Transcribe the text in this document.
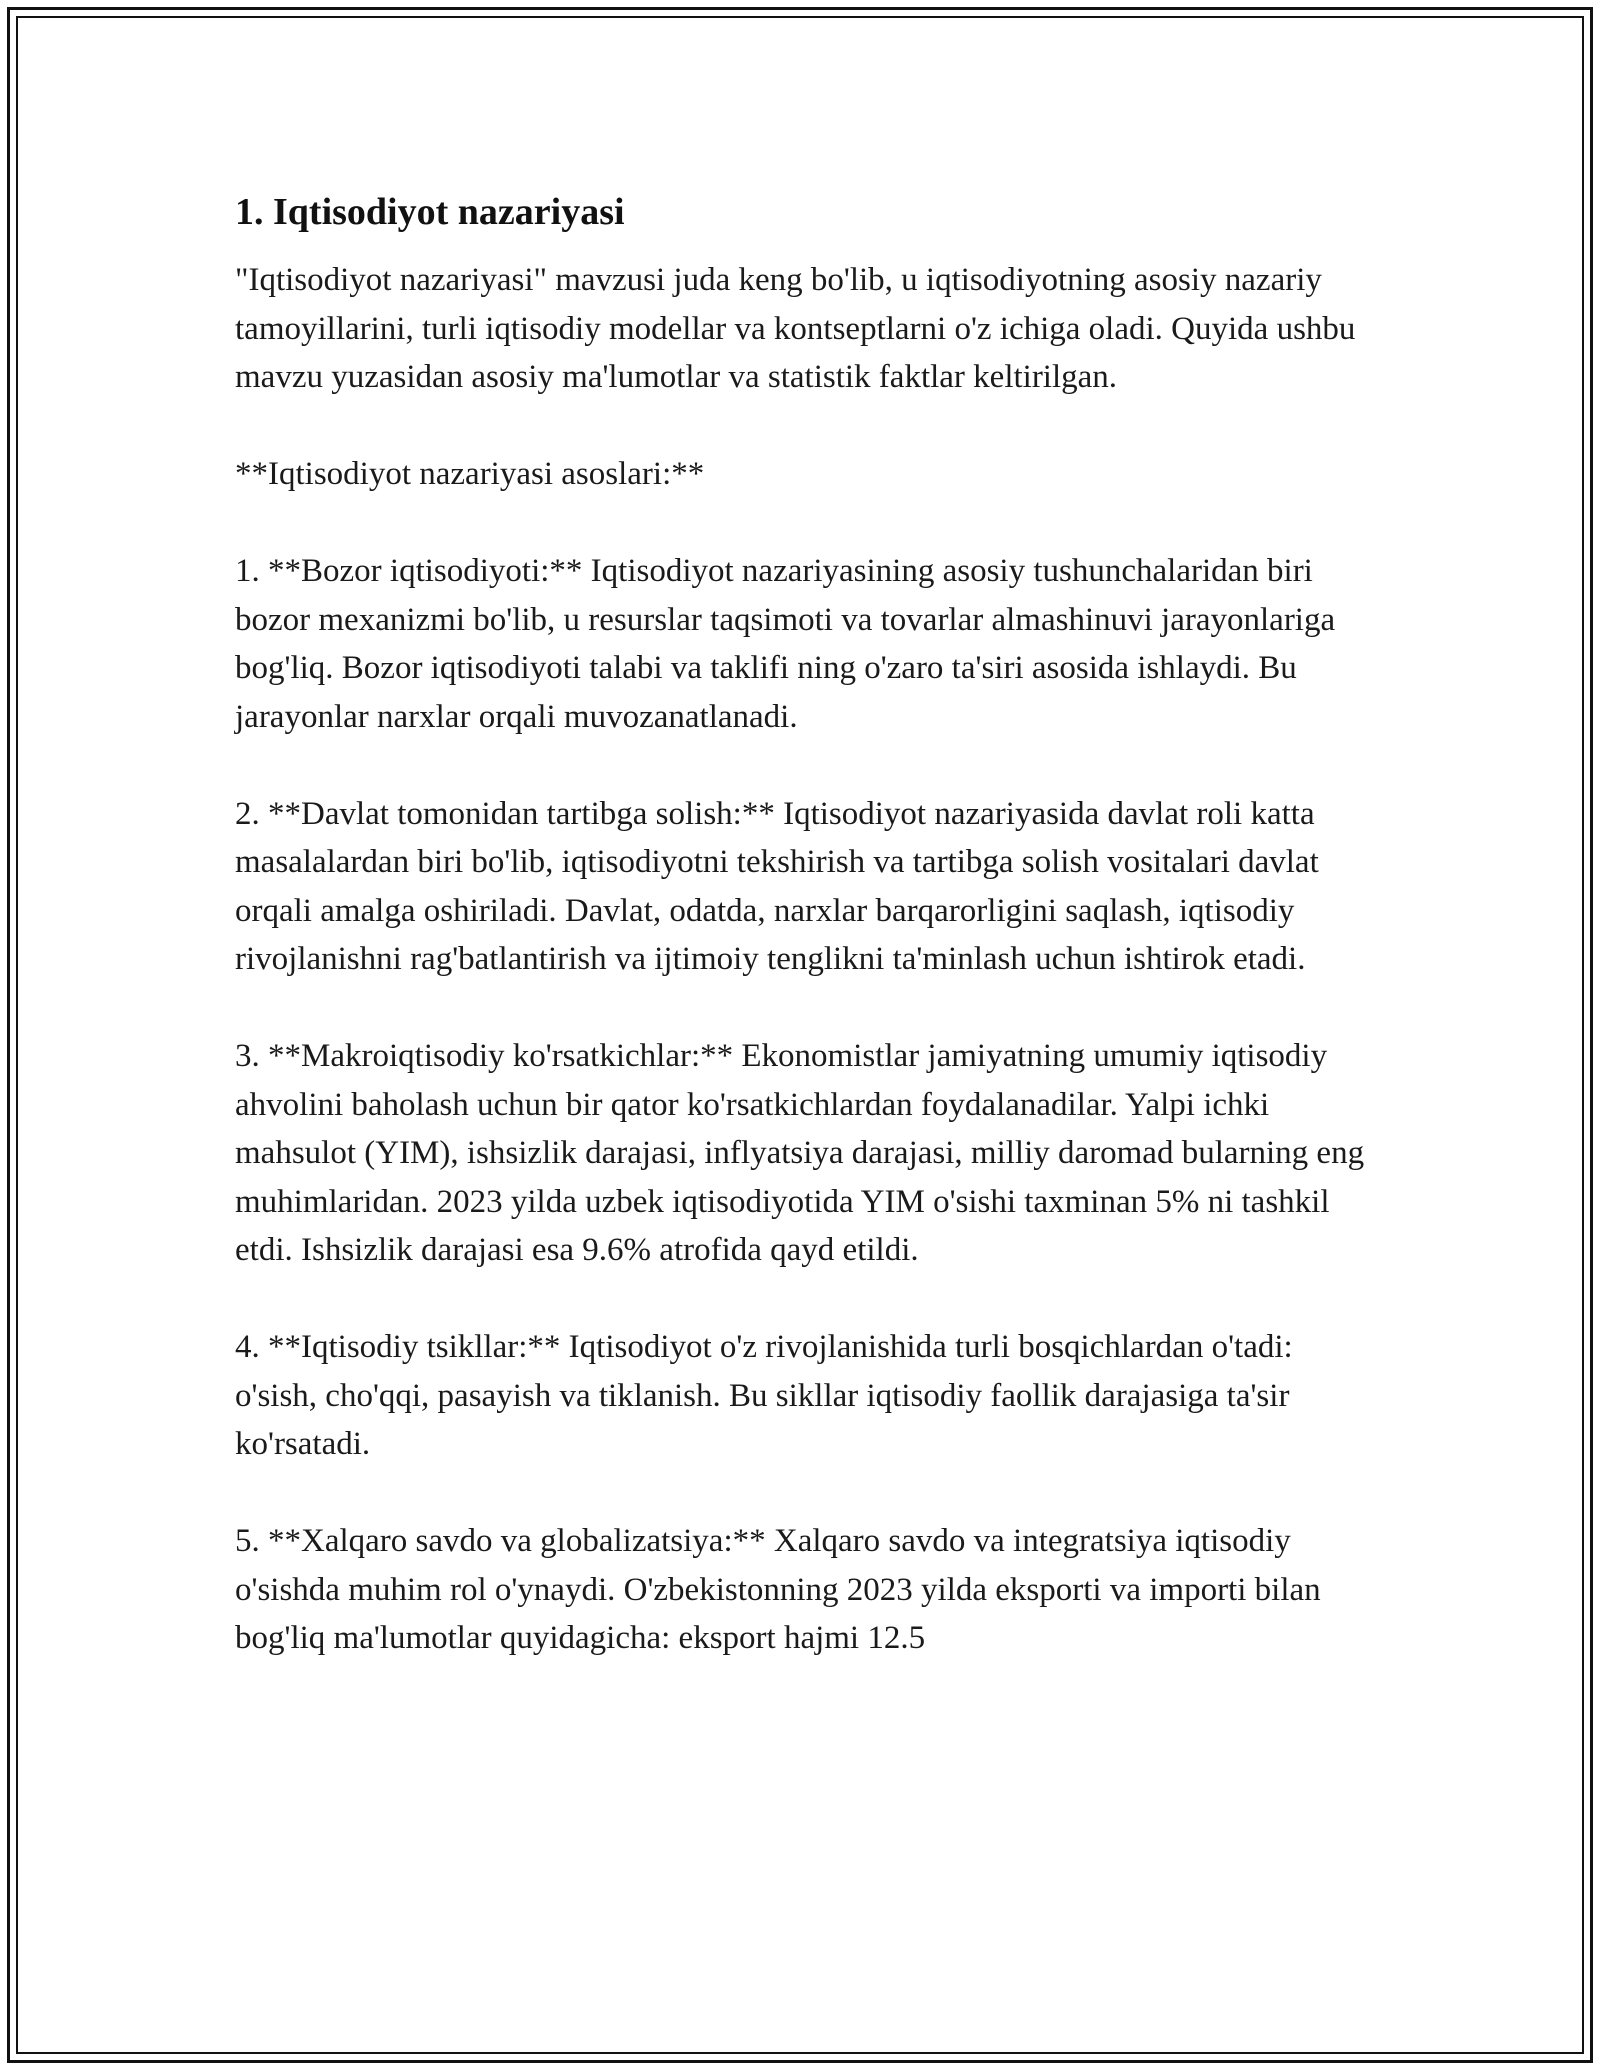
1. Iqtisodiyot nazariyasi

"Iqtisodiyot nazariyasi" mavzusi juda keng bo'lib, u iqtisodiyotning asosiy nazariy tamoyillarini, turli iqtisodiy modellar va kontseptlarni o'z ichiga oladi. Quyida ushbu mavzu yuzasidan asosiy ma'lumotlar va statistik faktlar keltirilgan.

**Iqtisodiyot nazariyasi asoslari:**

1. **Bozor iqtisodiyoti:** Iqtisodiyot nazariyasining asosiy tushunchalaridan biri bozor mexanizmi bo'lib, u resurslar taqsimoti va tovarlar almashinuvi jarayonlariga bog'liq. Bozor iqtisodiyoti talabi va taklifi ning o'zaro ta'siri asosida ishlaydi. Bu jarayonlar narxlar orqali muvozanatlanadi.

2. **Davlat tomonidan tartibga solish:** Iqtisodiyot nazariyasida davlat roli katta masalalardan biri bo'lib, iqtisodiyotni tekshirish va tartibga solish vositalari davlat orqali amalga oshiriladi. Davlat, odatda, narxlar barqarorligini saqlash, iqtisodiy rivojlanishni rag'batlantirish va ijtimoiy tenglikni ta'minlash uchun ishtirok etadi.

3. **Makroiqtisodiy ko'rsatkichlar:** Ekonomistlar jamiyatning umumiy iqtisodiy ahvolini baholash uchun bir qator ko'rsatkichlardan foydalanadilar. Yalpi ichki mahsulot (YIM), ishsizlik darajasi, inflyatsiya darajasi, milliy daromad bularning eng muhimlaridan. 2023 yilda uzbek iqtisodiyotida YIM o'sishi taxminan 5% ni tashkil etdi. Ishsizlik darajasi esa 9.6% atrofida qayd etildi.

4. **Iqtisodiy tsikllar:** Iqtisodiyot o'z rivojlanishida turli bosqichlardan o'tadi: o'sish, cho'qqi, pasayish va tiklanish. Bu sikllar iqtisodiy faollik darajasiga ta'sir ko'rsatadi.

5. **Xalqaro savdo va globalizatsiya:** Xalqaro savdo va integratsiya iqtisodiy o'sishda muhim rol o'ynaydi. O'zbekistonning 2023 yilda eksporti va importi bilan bog'liq ma'lumotlar quyidagicha: eksport hajmi 12.5
